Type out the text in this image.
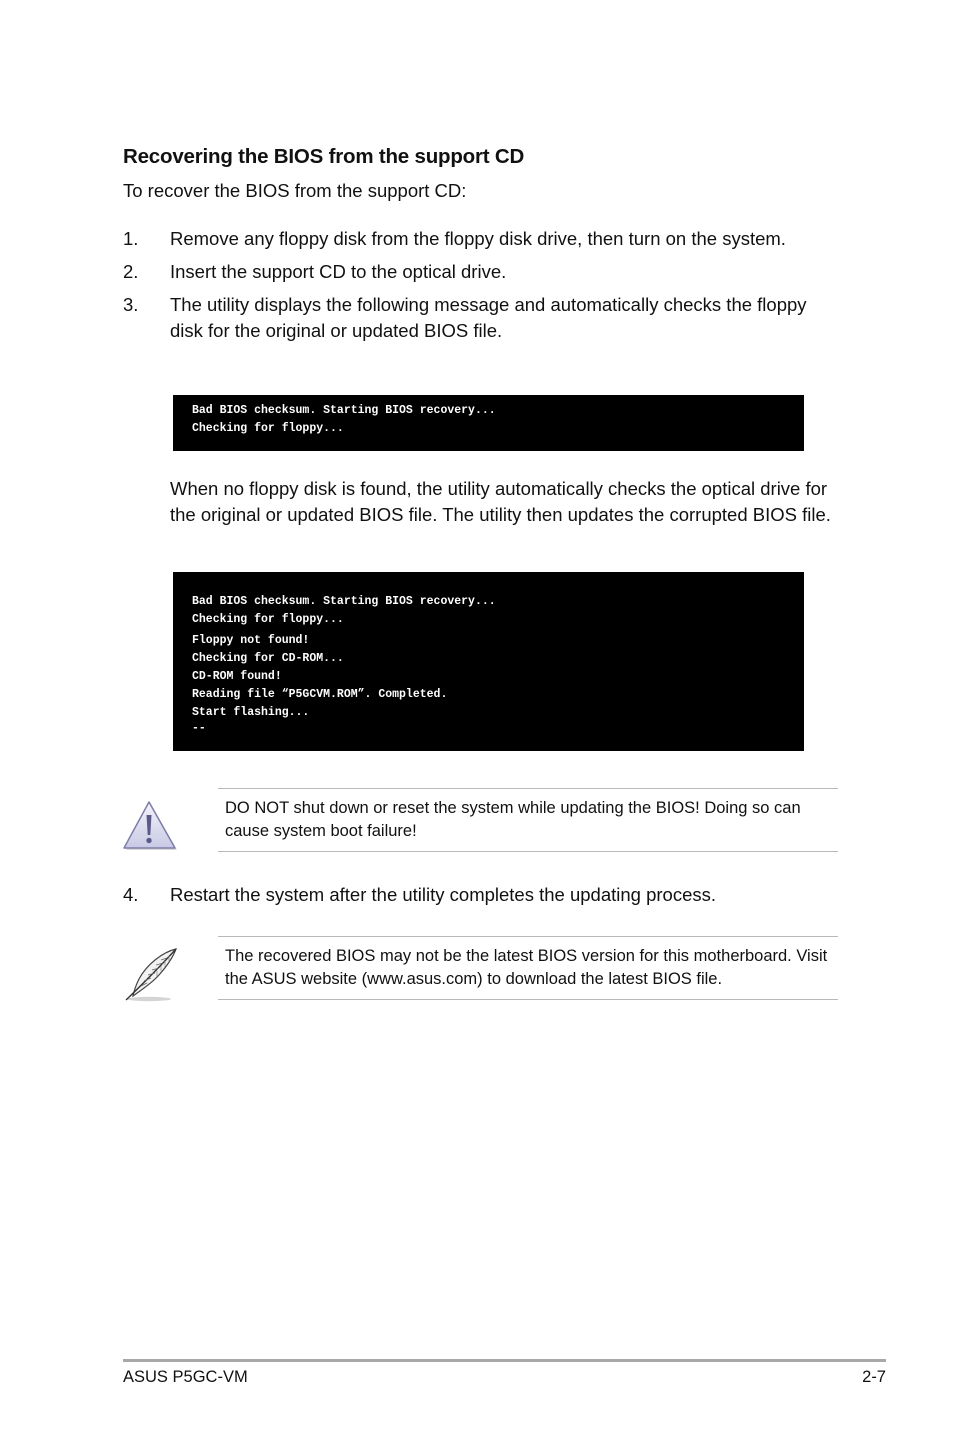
Recovering the BIOS from the support CD
To recover the BIOS from the support CD:
1. Remove any floppy disk from the floppy disk drive, then turn on the system.
2. Insert the support CD to the optical drive.
3. The utility displays the following message and automatically checks the floppy disk for the original or updated BIOS file.
Bad BIOS checksum. Starting BIOS recovery...
Checking for floppy...
When no floppy disk is found, the utility automatically checks the optical drive for the original or updated BIOS file. The utility then updates the corrupted BIOS file.
Bad BIOS checksum. Starting BIOS recovery...
Checking for floppy...
Floppy not found!
Checking for CD-ROM...
CD-ROM found!
Reading file “P5GCVM.ROM”. Completed.
Start flashing...
--
DO NOT shut down or reset the system while updating the BIOS! Doing so can cause system boot failure!
4. Restart the system after the utility completes the updating process.
The recovered BIOS may not be the latest BIOS version for this motherboard. Visit the ASUS website (www.asus.com) to download the latest BIOS file.
ASUS P5GC-VM	2-7
